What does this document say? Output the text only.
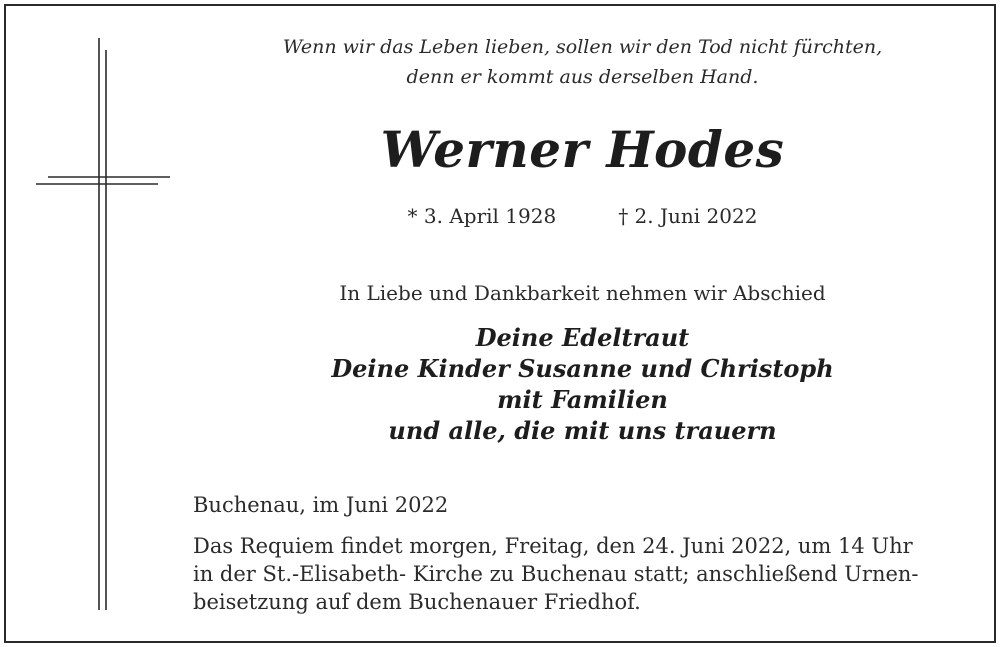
Wenn wir das Leben lieben, sollen wir den Tod nicht fürchten,
denn er kommt aus derselben Hand.
Werner Hodes
* 3. April 1928	† 2. Juni 2022
In Liebe und Dankbarkeit nehmen wir Abschied
Deine Edeltraut
Deine Kinder Susanne und Christoph
mit Familien
und alle, die mit uns trauern
Buchenau, im Juni 2022
Das Requiem findet morgen, Freitag, den 24. Juni 2022, um 14 Uhr
in der St.-Elisabeth- Kirche zu Buchenau statt; anschließend Urnen-
beisetzung auf dem Buchenauer Friedhof.
